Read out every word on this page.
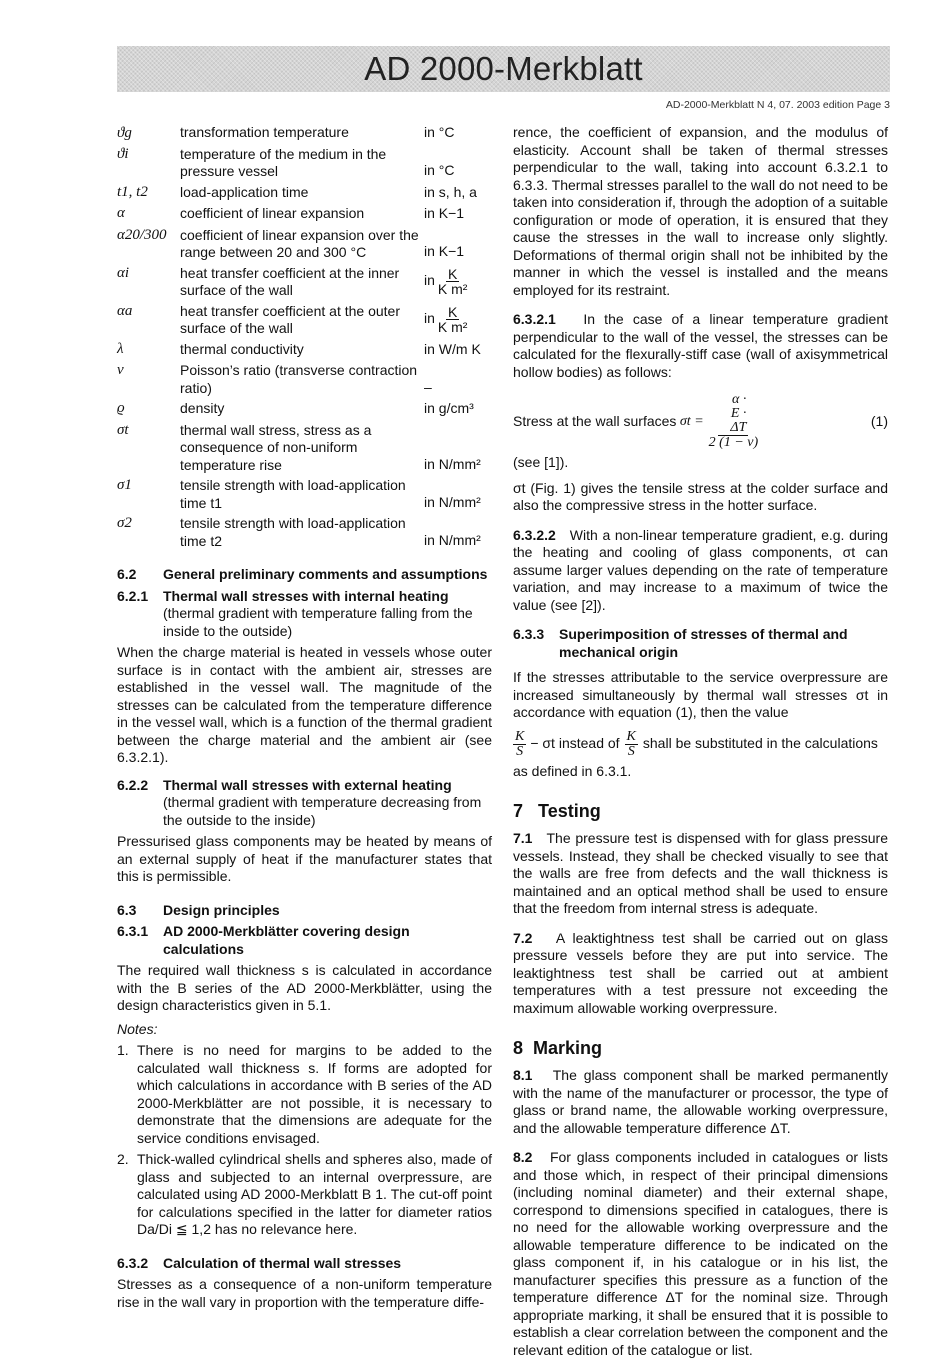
AD 2000-Merkblatt
AD-2000-Merkblatt N 4, 07. 2003 edition Page 3
ϑg	transformation temperature	in °C
ϑi	temperature of the medium in the pressure vessel	in °C
t1, t2	load-application time	in s, h, a
α	coefficient of linear expansion	in K−1
α20/300	coefficient of linear expansion over the range between 20 and 300 °C	in K−1
αi	heat transfer coefficient at the inner surface of the wall	in $\frac{K}{\text{K m²}}$

αa	heat transfer coefficient at the outer surface of the wall	in $\frac{K}{\text{K m²}}$

λ	thermal conductivity	in W/m K
ν	Poisson’s ratio (transverse contraction ratio)	–
ϱ	density	in g/cm³
σt	thermal wall stress, stress as a consequence of non-uniform temperature rise	in N/mm²
σ1	tensile strength with load-application time t1	in N/mm²
σ2	tensile strength with load-application time t2	in N/mm²
6.2	General preliminary comments and assumptions
6.2.1	Thermal wall stresses with internal heating
(thermal gradient with temperature falling from the inside to the outside)

When the charge material is heated in vessels whose outer surface is in contact with the ambient air, stresses are established in the vessel wall. The magnitude of the stresses can be calculated from the temperature difference in the vessel wall, which is a function of the thermal gradient between the charge material and the ambient air (see 6.3.2.1).

6.2.2	Thermal wall stresses with external heating
(thermal gradient with temperature decreasing from the outside to the inside)

Pressurised glass components may be heated by means of an external supply of heat if the manufacturer states that this is permissible.

6.3	Design principles
6.3.1	AD 2000-Merkblätter covering design calculations

The required wall thickness s is calculated in accordance with the B series of the AD 2000-Merkblätter, using the design characteristics given in 5.1.

Notes:
1. There is no need for margins to be added to the calculated wall thickness s. If forms are adopted for which calculations in accordance with B series of the AD 2000-Merkblätter are not possible, it is necessary to demonstrate that the dimensions are adequate for the service conditions envisaged.
2. Thick-walled cylindrical shells and spheres also, made of glass and subjected to an internal overpressure, are calculated using AD 2000-Merkblatt B 1. The cut-off point for calculations specified in the latter for diameter ratios Da/Di ≦ 1,2 has no relevance here.
6.3.2	Calculation of thermal wall stresses

Stresses as a consequence of a non-uniform temperature rise in the wall vary in proportion with the temperature diffe-

rence, the coefficient of expansion, and the modulus of elasticity. Account shall be taken of thermal stresses perpendicular to the wall, taking into account 6.3.2.1 to 6.3.3. Thermal stresses parallel to the wall do not need to be taken into consideration if, through the adoption of a suitable configuration or mode of operation, it is ensured that they cause the stresses in the wall to increase only slightly. Deformations of thermal origin shall not be inhibited by the manner in which the vessel is installed and the means employed for its restraint.

6.3.2.1 In the case of a linear temperature gradient perpendicular to the wall of the vessel, the stresses can be calculated for the flexurally-stiff case (wall of axisymmetrical hollow bodies) as follows:

Stress at the wall surfaces
$\sigma t = \frac{\alpha \cdot E \cdot \Delta T}{2 (1 - \nu)}$	(1)

(see [1]).

σt (Fig. 1) gives the tensile stress at the colder surface and also the compressive stress in the hotter surface.

6.3.2.2 With a non-linear temperature gradient, e.g. during the heating and cooling of glass components, σt can assume larger values depending on the rate of temperature variation, and may increase to a maximum of twice the value (see [2]).

6.3.3	Superimposition of stresses of thermal and mechanical origin

If the stresses attributable to the service overpressure are increased simultaneously by thermal wall stresses σt in accordance with equation (1), then the value

$\frac{K}{S} - \sigma t$ instead of $\frac{K}{S}$ shall be substituted in the calculations

as defined in 6.3.1.

7 Testing

7.1 The pressure test is dispensed with for glass pressure vessels. Instead, they shall be checked visually to see that the walls are free from defects and the wall thickness is maintained and an optical method shall be used to ensure that the freedom from internal stress is adequate.

7.2 A leaktightness test shall be carried out on glass pressure vessels before they are put into service. The leaktightness test shall be carried out at ambient temperatures with a test pressure not exceeding the maximum allowable working overpressure.

8 Marking

8.1 The glass component shall be marked permanently with the name of the manufacturer or processor, the type of glass or brand name, the allowable working overpressure, and the allowable temperature difference ΔT.

8.2 For glass components included in catalogues or lists and those which, in respect of their principal dimensions (including nominal diameter) and their external shape, correspond to dimensions specified in catalogues, there is no need for the allowable working overpressure and the allowable temperature difference to be indicated on the glass component if, in his catalogue or in his list, the manufacturer specifies this pressure as a function of the temperature difference ΔT for the nominal size. Through appropriate marking, it shall be ensured that it is possible to establish a clear correlation between the component and the relevant edition of the catalogue or list.
